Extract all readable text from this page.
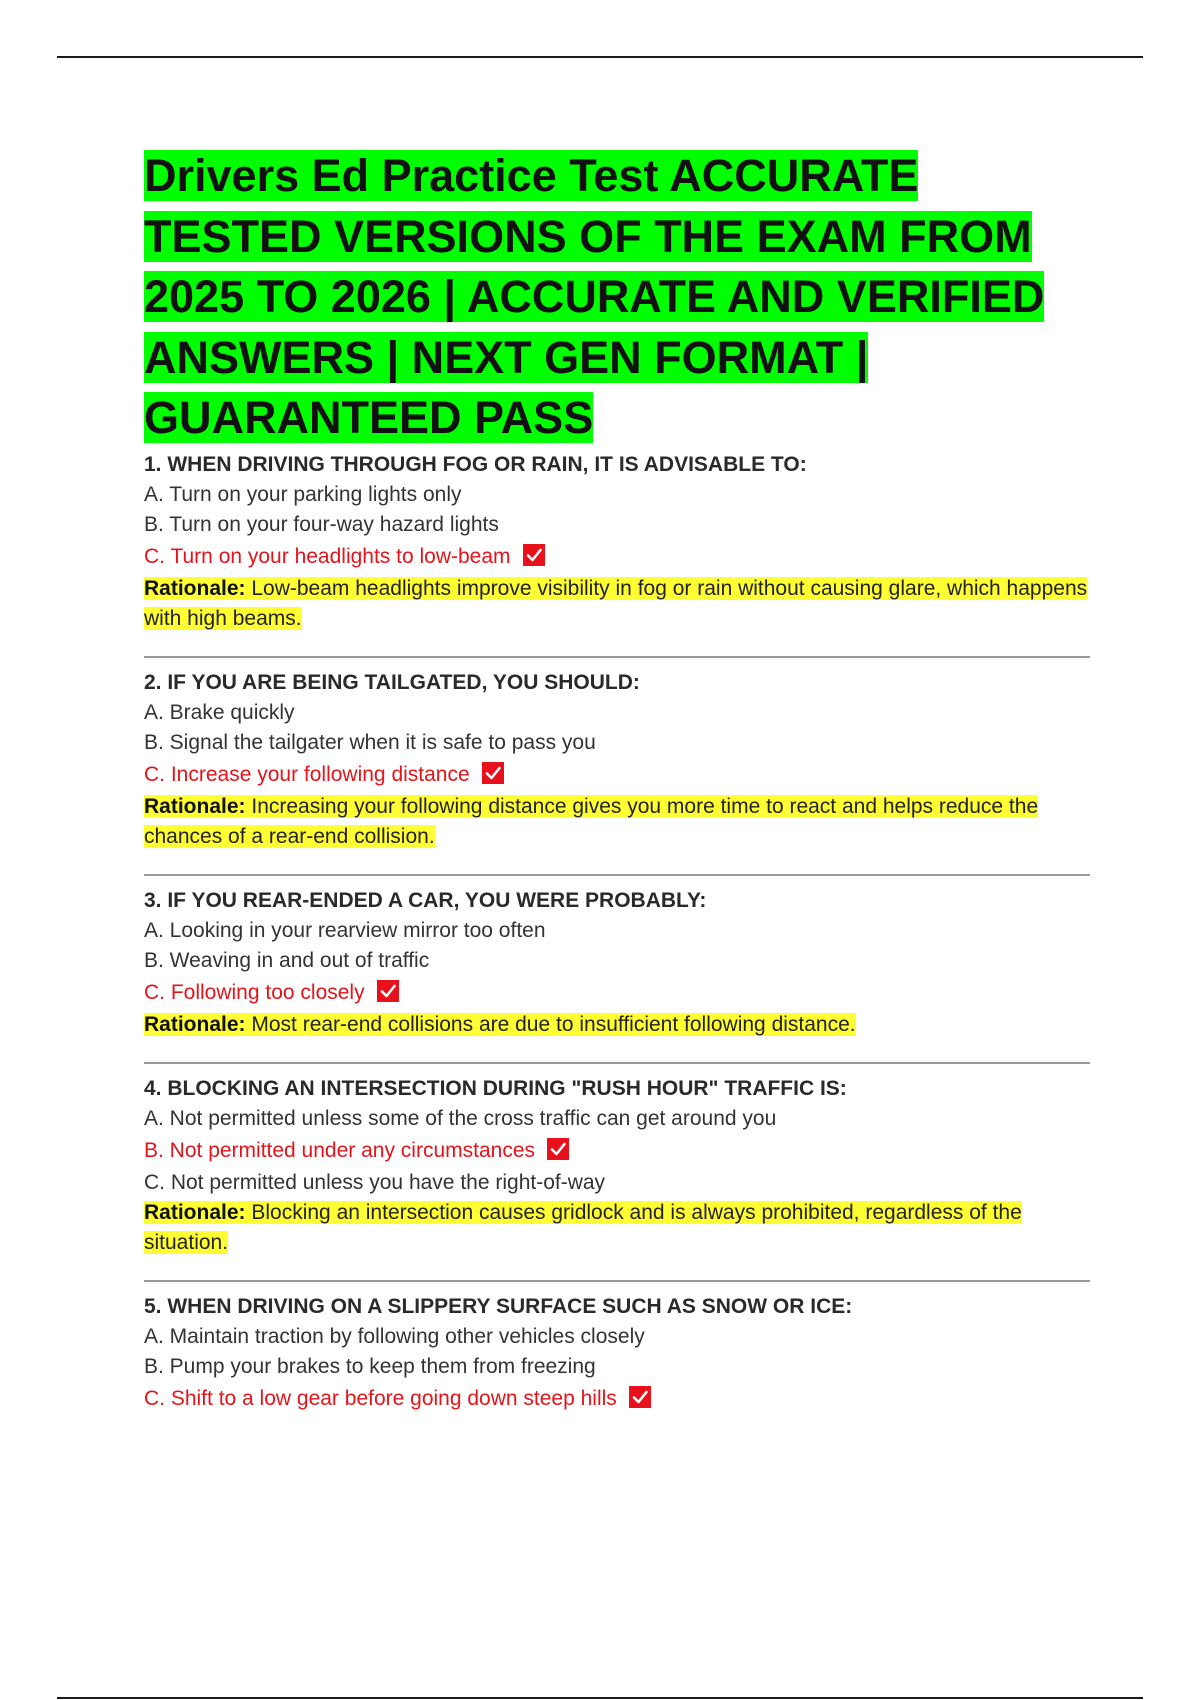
Drivers Ed Practice Test ACCURATE TESTED VERSIONS OF THE EXAM FROM 2025 TO 2026 | ACCURATE AND VERIFIED ANSWERS | NEXT GEN FORMAT | GUARANTEED PASS
1. WHEN DRIVING THROUGH FOG OR RAIN, IT IS ADVISABLE TO:
A. Turn on your parking lights only
B. Turn on your four-way hazard lights
C. Turn on your headlights to low-beam
Rationale: Low-beam headlights improve visibility in fog or rain without causing glare, which happens with high beams.
2. IF YOU ARE BEING TAILGATED, YOU SHOULD:
A. Brake quickly
B. Signal the tailgater when it is safe to pass you
C. Increase your following distance
Rationale: Increasing your following distance gives you more time to react and helps reduce the chances of a rear-end collision.
3. IF YOU REAR-ENDED A CAR, YOU WERE PROBABLY:
A. Looking in your rearview mirror too often
B. Weaving in and out of traffic
C. Following too closely
Rationale: Most rear-end collisions are due to insufficient following distance.
4. BLOCKING AN INTERSECTION DURING "RUSH HOUR" TRAFFIC IS:
A. Not permitted unless some of the cross traffic can get around you
B. Not permitted under any circumstances
C. Not permitted unless you have the right-of-way
Rationale: Blocking an intersection causes gridlock and is always prohibited, regardless of the situation.
5. WHEN DRIVING ON A SLIPPERY SURFACE SUCH AS SNOW OR ICE:
A. Maintain traction by following other vehicles closely
B. Pump your brakes to keep them from freezing
C. Shift to a low gear before going down steep hills
